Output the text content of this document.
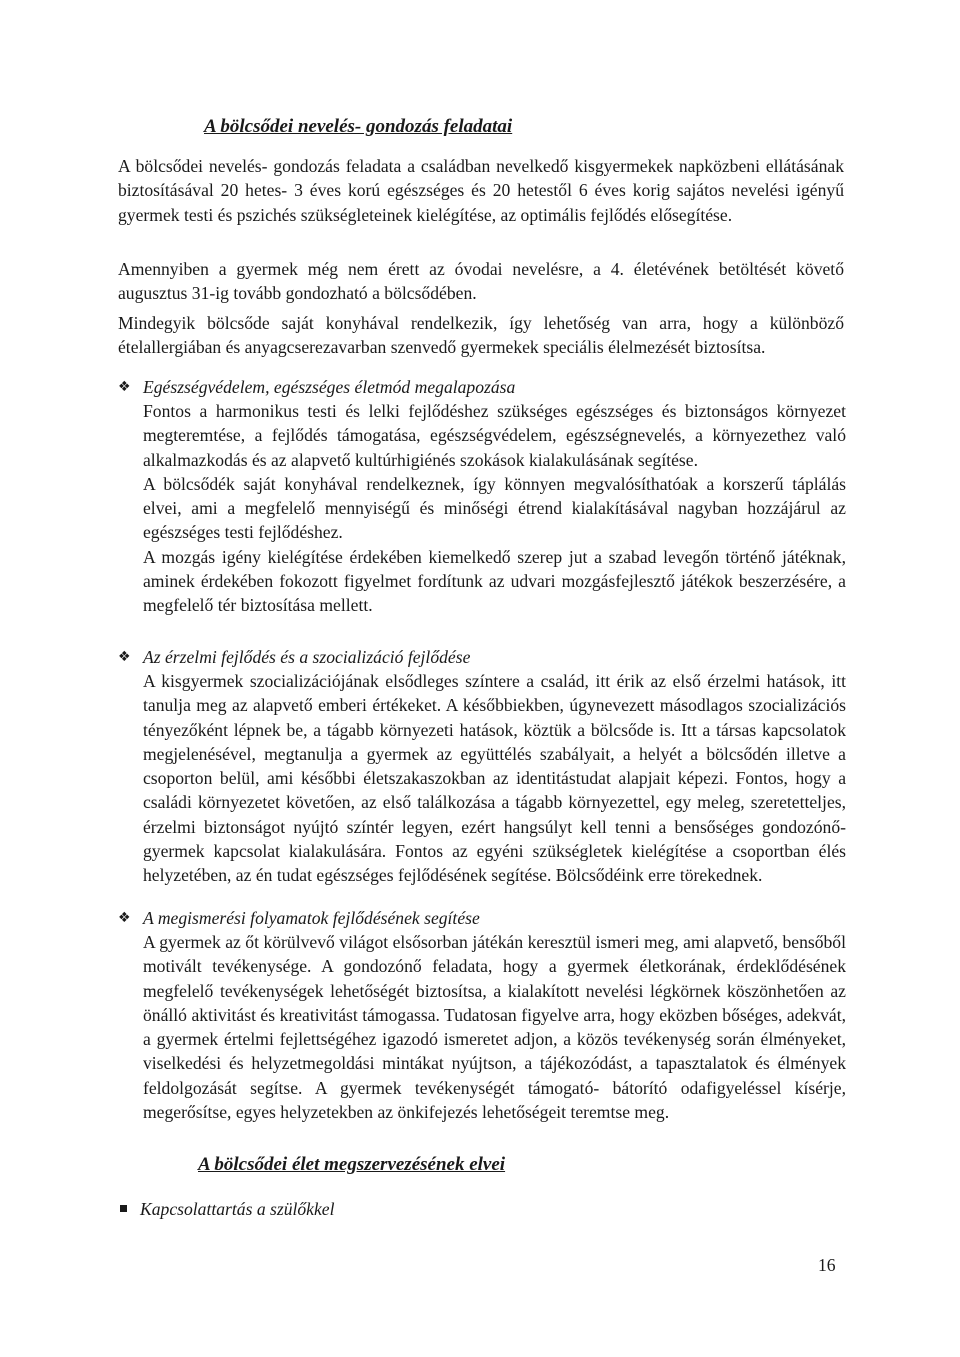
A bölcsődei nevelés- gondozás feladatai

A bölcsődei nevelés- gondozás feladata a családban nevelkedő kisgyermekek napközbeni ellátásának biztosításával 20 hetes- 3 éves korú egészséges és 20 hetestől 6 éves korig sajátos nevelési igényű gyermek testi és pszichés szükségleteinek kielégítése, az optimális fejlődés elősegítése.

Amennyiben a gyermek még nem érett az óvodai nevelésre, a 4. életévének betöltését követő augusztus 31-ig tovább gondozható a bölcsődében.

Mindegyik bölcsőde saját konyhával rendelkezik, így lehetőség van arra, hogy a különböző ételallergiában és anyagcserezavarban szenvedő gyermekek speciális élelmezését biztosítsa.

❖ Egészségvédelem, egészséges életmód megalapozása

Fontos a harmonikus testi és lelki fejlődéshez szükséges egészséges és biztonságos környezet megteremtése, a fejlődés támogatása, egészségvédelem, egészségnevelés, a környezethez való alkalmazkodás és az alapvető kultúrhigiénés szokások kialakulásának segítése.

A bölcsődék saját konyhával rendelkeznek, így könnyen megvalósíthatóak a korszerű táplálás elvei, ami a megfelelő mennyiségű és minőségi étrend kialakításával nagyban hozzájárul az egészséges testi fejlődéshez.

A mozgás igény kielégítése érdekében kiemelkedő szerep jut a szabad levegőn történő játéknak, aminek érdekében fokozott figyelmet fordítunk az udvari mozgásfejlesztő játékok beszerzésére, a megfelelő tér biztosítása mellett.

❖ Az érzelmi fejlődés és a szocializáció fejlődése

A kisgyermek szocializációjának elsődleges színtere a család, itt érik az első érzelmi hatások, itt tanulja meg az alapvető emberi értékeket. A későbbiekben, úgynevezett másodlagos szocializációs tényezőként lépnek be, a tágabb környezeti hatások, köztük a bölcsőde is. Itt a társas kapcsolatok megjelenésével, megtanulja a gyermek az együttélés szabályait, a helyét a bölcsődén illetve a csoporton belül, ami későbbi életszakaszokban az identitástudat alapjait képezi. Fontos, hogy a családi környezetet követően, az első találkozása a tágabb környezettel, egy meleg, szeretetteljes, érzelmi biztonságot nyújtó színtér legyen, ezért hangsúlyt kell tenni a bensőséges gondozónő- gyermek kapcsolat kialakulására. Fontos az egyéni szükségletek kielégítése a csoportban élés helyzetében, az én tudat egészséges fejlődésének segítése. Bölcsődéink erre törekednek.

❖ A megismerési folyamatok fejlődésének segítése

A gyermek az őt körülvevő világot elsősorban játékán keresztül ismeri meg, ami alapvető, bensőből motivált tevékenysége. A gondozónő feladata, hogy a gyermek életkorának, érdeklődésének megfelelő tevékenységek lehetőségét biztosítsa, a kialakított nevelési légkörnek köszönhetően az önálló aktivitást és kreativitást támogassa. Tudatosan figyelve arra, hogy eközben bőséges, adekvát, a gyermek értelmi fejlettségéhez igazodó ismeretet adjon, a közös tevékenység során élményeket, viselkedési és helyzetmegoldási mintákat nyújtson, a tájékozódást, a tapasztalatok és élmények feldolgozását segítse. A gyermek tevékenységét támogató- bátorító odafigyeléssel kísérje, megerősítse, egyes helyzetekben az önkifejezés lehetőségeit teremtse meg.

A bölcsődei élet megszervezésének elvei
Kapcsolattartás a szülőkkel
16
